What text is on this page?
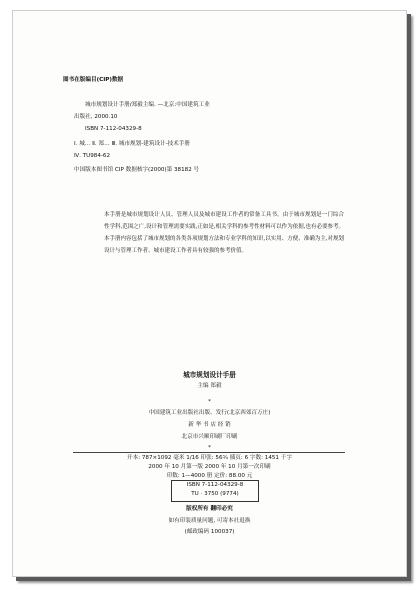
图书在版编目(CIP)数据
城市规划设计手册/郑毅主编. —北京:中国建筑工业
出版社, 2000.10
ISBN 7-112-04329-8
Ⅰ. 城… Ⅱ. 郑… Ⅲ. 城市规划-建筑设计-技术手册
Ⅳ. TU984-62
中国版本图书馆 CIP 数据核字(2000)第 38182 号
本手册是城市规划设计人员、管理人员及城市建设工作者的常备工具书。由于城市规划是一门综合性学科,范围之广,设计和管理需要实践,正如是,相关学科的参考性材料可以作为依据,也有必要参考。本手册内容包括了城市规划的各类各项规划方法和专业学科的知识,以实用、方便、准确为主,对规划设计与管理工作者、城市建设工作者具有较强的参考价值。
城市规划设计手册
主编 郑毅
*
中国建筑工业出版社出版、发行(北京西郊百万庄)
新 华 书 店 经 销
北京市兴顺印刷厂印刷
*
开本: 787×1092 毫米 1/16 印张: 56¾ 插页: 6 字数: 1451 千字
2000 年 10 月第一版 2000 年 10 月第一次印刷
印数: 1—4000 册 定价: 88.00 元
ISBN 7-112-04329-8
TU · 3750 (9774)
版权所有 翻印必究
如有印装质量问题, 可寄本社退换
(邮政编码 100037)
